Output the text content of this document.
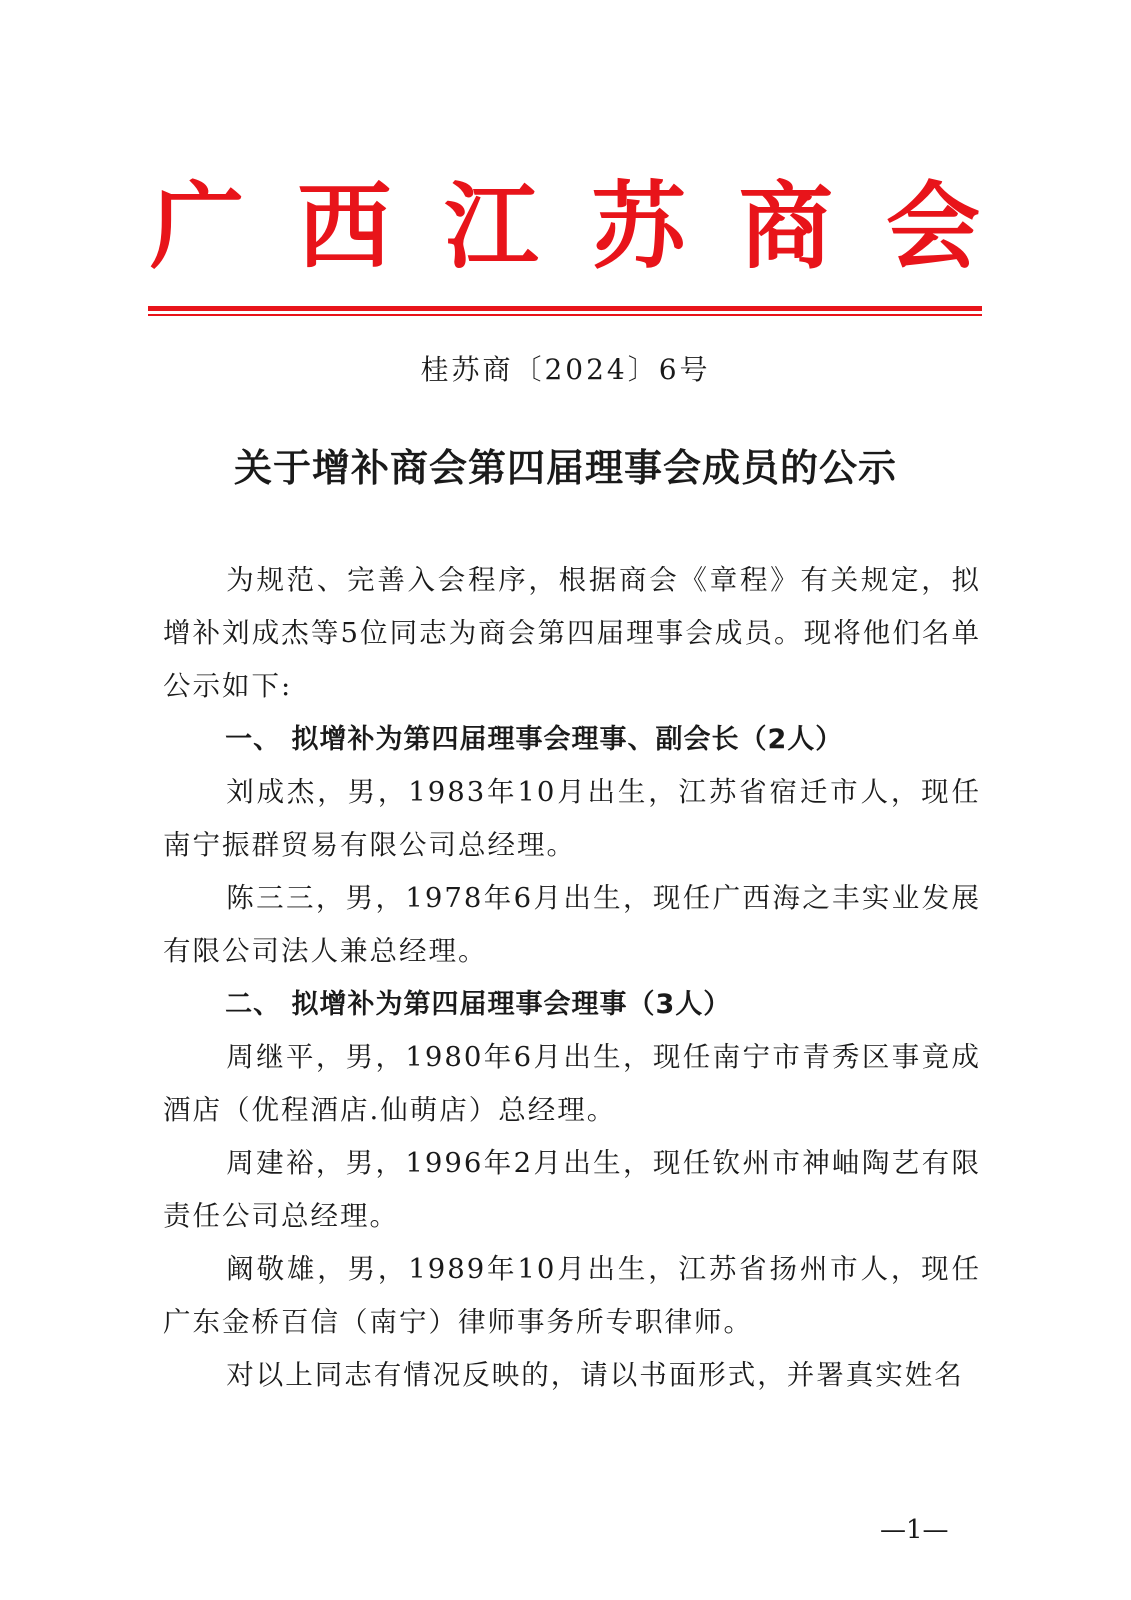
广 西 江 苏 商 会
桂苏商〔2024〕6号
关于增补商会第四届理事会成员的公示

为规范、完善入会程序，根据商会《章程》有关规定，拟增补刘成杰等5位同志为商会第四届理事会成员。现将他们名单公示如下:

一、 拟增补为第四届理事会理事、副会长（2人）

刘成杰，男，1983年10月出生，江苏省宿迁市人，现任南宁振群贸易有限公司总经理。

陈三三，男，1978年6月出生，现任广西海之丰实业发展有限公司法人兼总经理。

二、 拟增补为第四届理事会理事（3人）

周继平，男，1980年6月出生，现任南宁市青秀区事竟成酒店（优程酒店.仙萌店）总经理。

周建裕，男，1996年2月出生，现任钦州市神岫陶艺有限责任公司总经理。

阚敬雄，男，1989年10月出生，江苏省扬州市人，现任广东金桥百信（南宁）律师事务所专职律师。

对以上同志有情况反映的，请以书面形式，并署真实姓名

—1—
